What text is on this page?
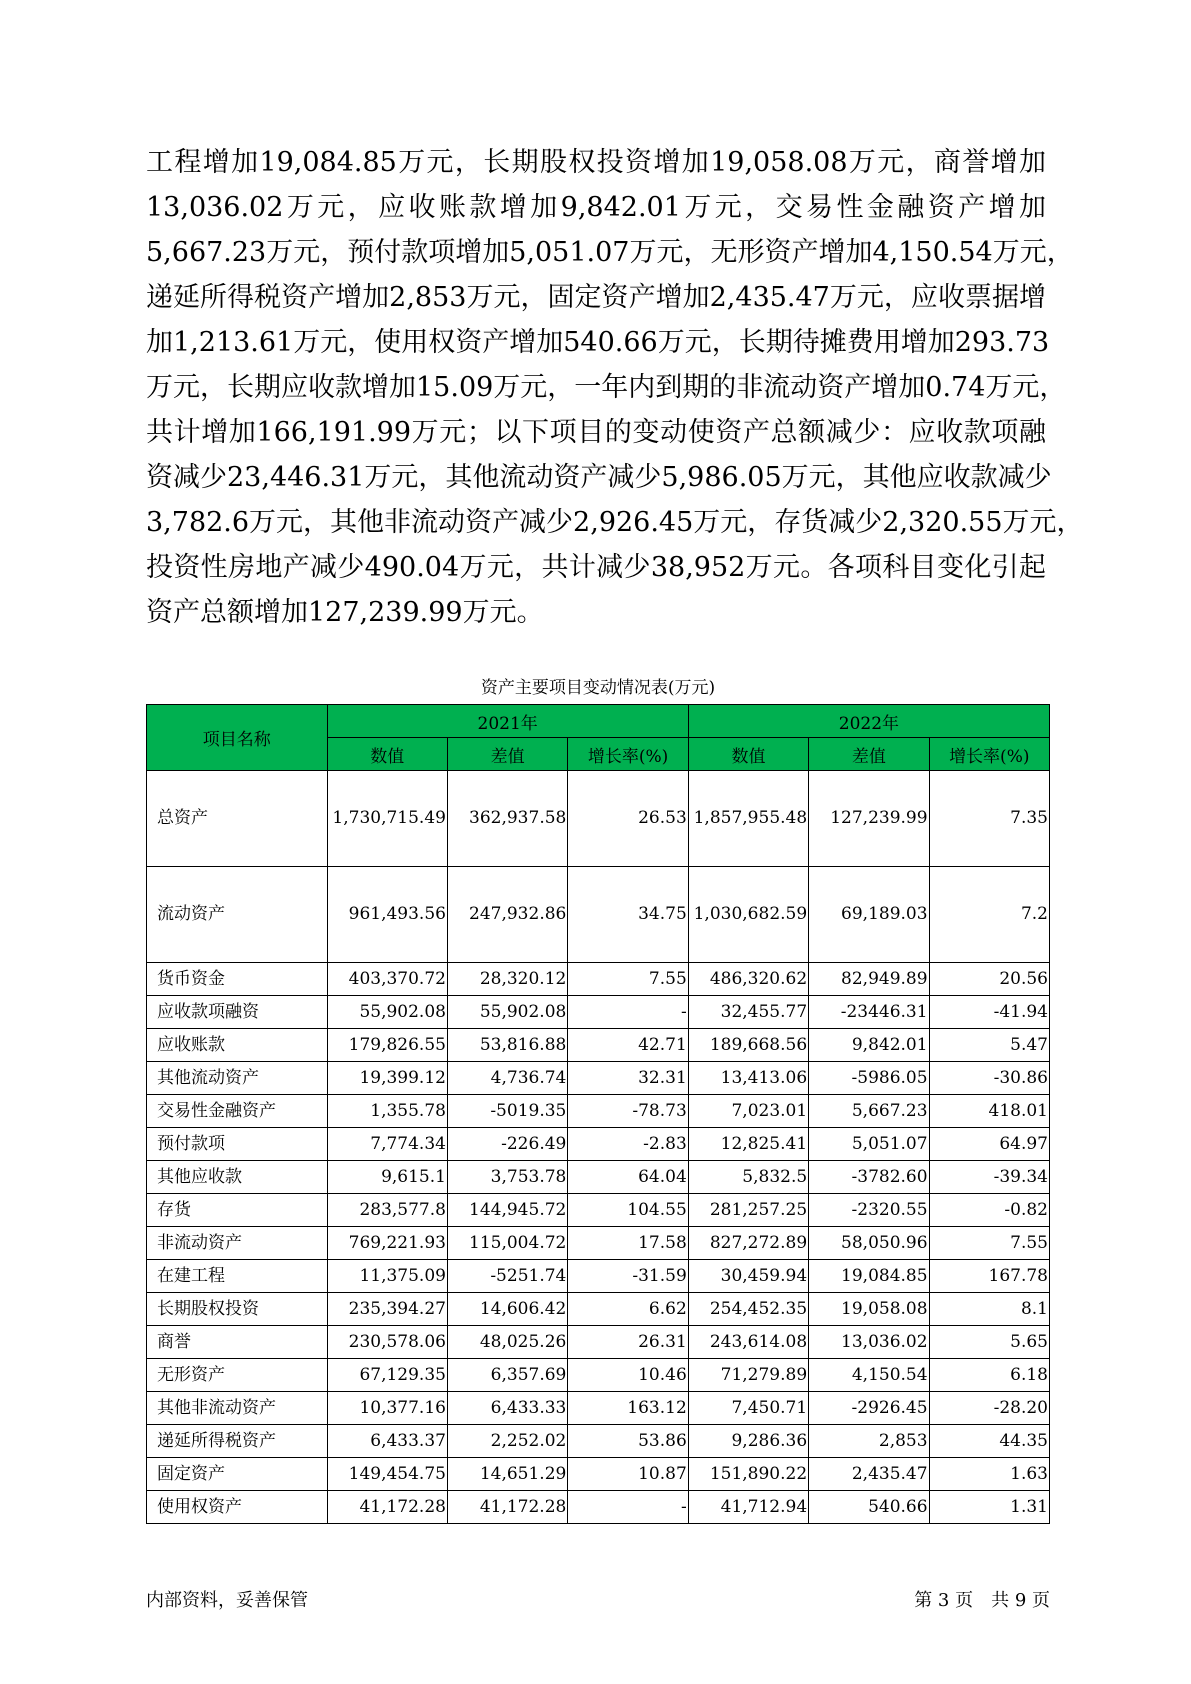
工程增加19,084.85万元，长期股权投资增加19,058.08万元，商誉增加
13,036.02万元，应收账款增加9,842.01万元，交易性金融资产增加
5,667.23万元，预付款项增加5,051.07万元，无形资产增加4,150.54万元，
递延所得税资产增加2,853万元，固定资产增加2,435.47万元，应收票据增
加1,213.61万元，使用权资产增加540.66万元，长期待摊费用增加293.73
万元，长期应收款增加15.09万元，一年内到期的非流动资产增加0.74万元，
共计增加166,191.99万元；以下项目的变动使资产总额减少：应收款项融
资减少23,446.31万元，其他流动资产减少5,986.05万元，其他应收款减少
3,782.6万元，其他非流动资产减少2,926.45万元，存货减少2,320.55万元，
投资性房地产减少490.04万元，共计减少38,952万元。各项科目变化引起
资产总额增加127,239.99万元。
资产主要项目变动情况表(万元)
项目名称	2021年			2022年		
	数值	差值	增长率(%)	数值	差值	增长率(%)
总资产	1,730,715.49	362,937.58	26.53	1,857,955.48	127,239.99	7.35
流动资产	961,493.56	247,932.86	34.75	1,030,682.59	69,189.03	7.2
货币资金	403,370.72	28,320.12	7.55	486,320.62	82,949.89	20.56
应收款项融资	55,902.08	55,902.08	-	32,455.77	-23446.31	-41.94
应收账款	179,826.55	53,816.88	42.71	189,668.56	9,842.01	5.47
其他流动资产	19,399.12	4,736.74	32.31	13,413.06	-5986.05	-30.86
交易性金融资产	1,355.78	-5019.35	-78.73	7,023.01	5,667.23	418.01
预付款项	7,774.34	-226.49	-2.83	12,825.41	5,051.07	64.97
其他应收款	9,615.1	3,753.78	64.04	5,832.5	-3782.60	-39.34
存货	283,577.8	144,945.72	104.55	281,257.25	-2320.55	-0.82
非流动资产	769,221.93	115,004.72	17.58	827,272.89	58,050.96	7.55
在建工程	11,375.09	-5251.74	-31.59	30,459.94	19,084.85	167.78
长期股权投资	235,394.27	14,606.42	6.62	254,452.35	19,058.08	8.1
商誉	230,578.06	48,025.26	26.31	243,614.08	13,036.02	5.65
无形资产	67,129.35	6,357.69	10.46	71,279.89	4,150.54	6.18
其他非流动资产	10,377.16	6,433.33	163.12	7,450.71	-2926.45	-28.20
递延所得税资产	6,433.37	2,252.02	53.86	9,286.36	2,853	44.35
固定资产	149,454.75	14,651.29	10.87	151,890.22	2,435.47	1.63
使用权资产	41,172.28	41,172.28	-	41,712.94	540.66	1.31
内部资料，妥善保管	第 3 页　共 9 页
